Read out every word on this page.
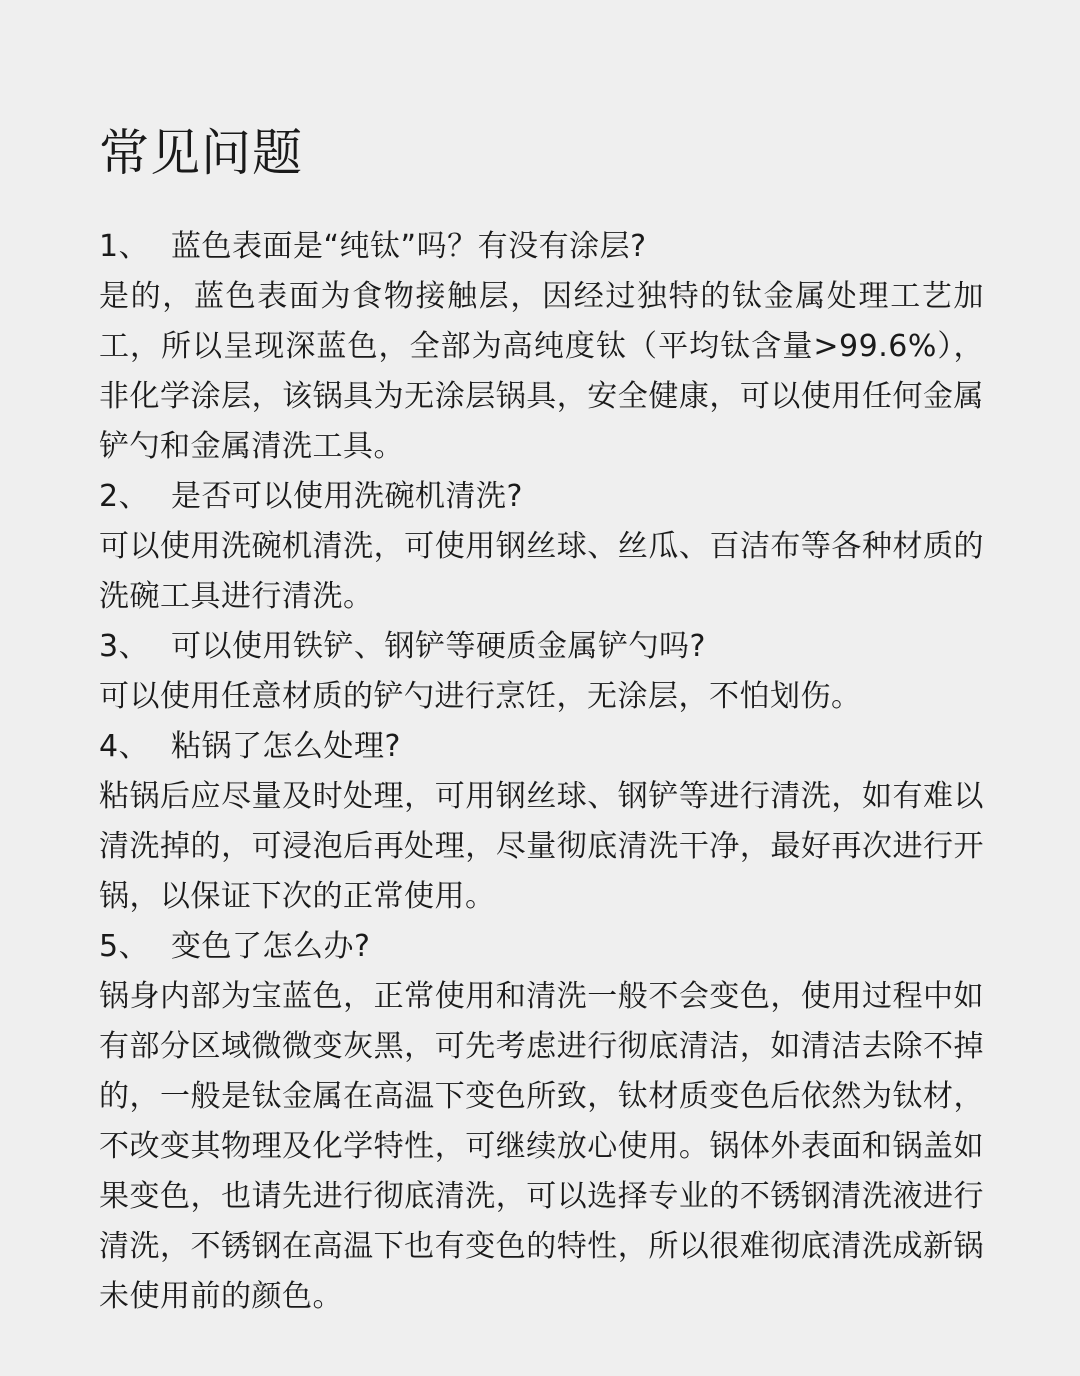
常见问题

1、 蓝色表面是“纯钛”吗？有没有涂层?

是的，蓝色表面为食物接触层，因经过独特的钛金属处理工艺加工，所以呈现深蓝色，全部为高纯度钛（平均钛含量>99.6%），非化学涂层，该锅具为无涂层锅具，安全健康，可以使用任何金属铲勺和金属清洗工具。

2、 是否可以使用洗碗机清洗?

可以使用洗碗机清洗，可使用钢丝球、丝瓜、百洁布等各种材质的洗碗工具进行清洗。

3、 可以使用铁铲、钢铲等硬质金属铲勺吗?

可以使用任意材质的铲勺进行烹饪，无涂层，不怕划伤。

4、 粘锅了怎么处理?

粘锅后应尽量及时处理，可用钢丝球、钢铲等进行清洗，如有难以清洗掉的，可浸泡后再处理，尽量彻底清洗干净，最好再次进行开锅，以保证下次的正常使用。

5、 变色了怎么办?

锅身内部为宝蓝色，正常使用和清洗一般不会变色，使用过程中如有部分区域微微变灰黑，可先考虑进行彻底清洁，如清洁去除不掉的，一般是钛金属在高温下变色所致，钛材质变色后依然为钛材，不改变其物理及化学特性，可继续放心使用。锅体外表面和锅盖如果变色，也请先进行彻底清洗，可以选择专业的不锈钢清洗液进行清洗，不锈钢在高温下也有变色的特性，所以很难彻底清洗成新锅未使用前的颜色。
